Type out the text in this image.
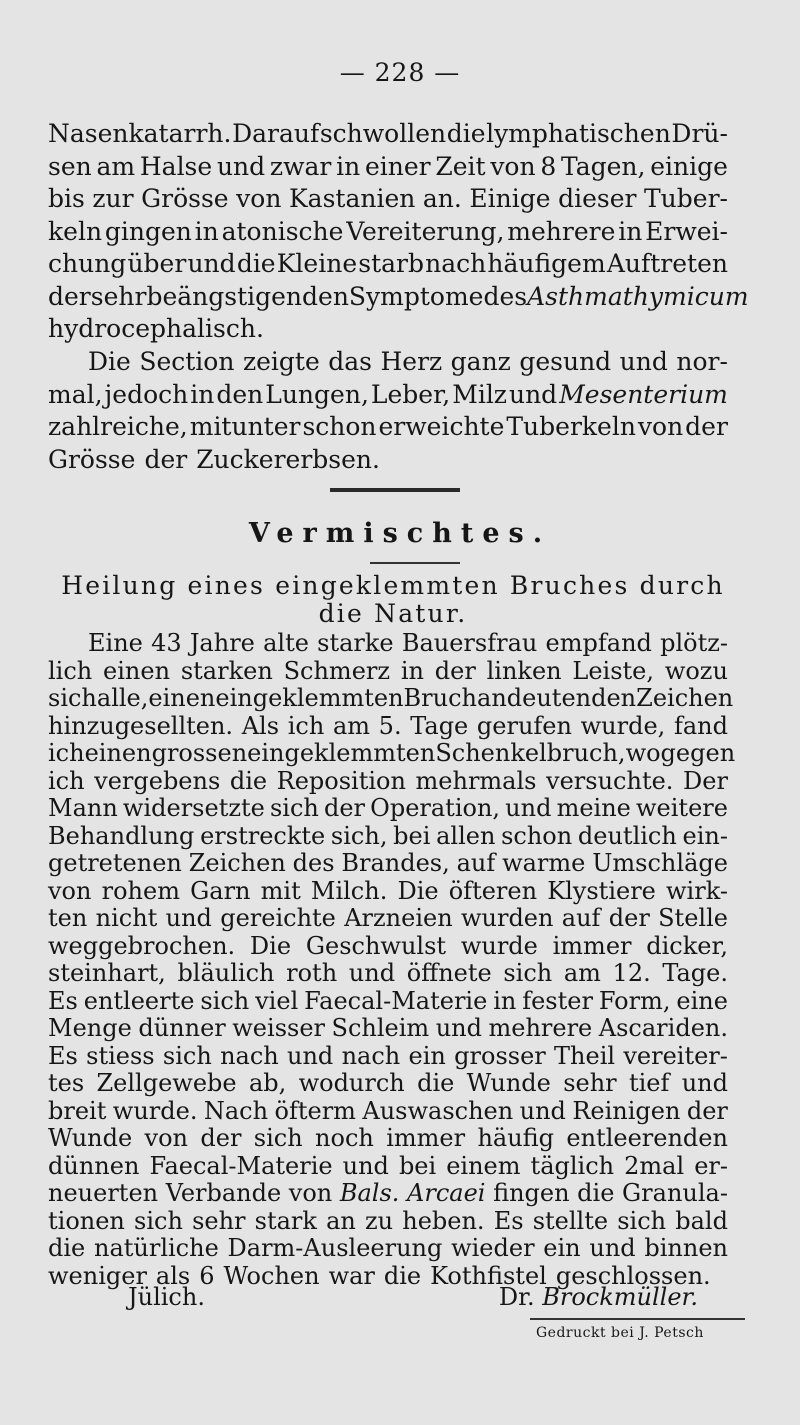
— 228 —
Nasenkatarrh. Darauf schwollen die lymphatischen Drü-
sen am Halse und zwar in einer Zeit von 8 Tagen, einige
bis zur Grösse von Kastanien an. Einige dieser Tuber-
keln gingen in atonische Vereiterung, mehrere in Erwei-
chung über und die Kleine starb nach häufigem Auftreten
der sehr beängstigenden Symptome des Asthma thymicum
hydrocephalisch.
Die Section zeigte das Herz ganz gesund und nor-
mal, jedoch in den Lungen, Leber, Milz und Mesenterium
zahlreiche, mitunter schon erweichte Tuberkeln von der
Grösse der Zuckererbsen.
Vermischtes.
Heilung eines eingeklemmten Bruches durch
die Natur.
Eine 43 Jahre alte starke Bauersfrau empfand plötz-
lich einen starken Schmerz in der linken Leiste, wozu
sich alle, einen eingeklemmten Bruch andeutenden Zeichen
hinzugesellten. Als ich am 5. Tage gerufen wurde, fand
ich einen grossen eingeklemmten Schenkelbruch, wogegen
ich vergebens die Reposition mehrmals versuchte. Der
Mann widersetzte sich der Operation, und meine weitere
Behandlung erstreckte sich, bei allen schon deutlich ein-
getretenen Zeichen des Brandes, auf warme Umschläge
von rohem Garn mit Milch. Die öfteren Klystiere wirk-
ten nicht und gereichte Arzneien wurden auf der Stelle
weggebrochen. Die Geschwulst wurde immer dicker,
steinhart, bläulich roth und öffnete sich am 12. Tage.
Es entleerte sich viel Faecal-Materie in fester Form, eine
Menge dünner weisser Schleim und mehrere Ascariden.
Es stiess sich nach und nach ein grosser Theil vereiter-
tes Zellgewebe ab, wodurch die Wunde sehr tief und
breit wurde. Nach öfterm Auswaschen und Reinigen der
Wunde von der sich noch immer häufig entleerenden
dünnen Faecal-Materie und bei einem täglich 2mal er-
neuerten Verbande von Bals. Arcaei fingen die Granula-
tionen sich sehr stark an zu heben. Es stellte sich bald
die natürliche Darm-Ausleerung wieder ein und binnen
weniger als 6 Wochen war die Kothfistel geschlossen.
Jülich.	Dr. Brockmüller.
Gedruckt bei J. Petsch
